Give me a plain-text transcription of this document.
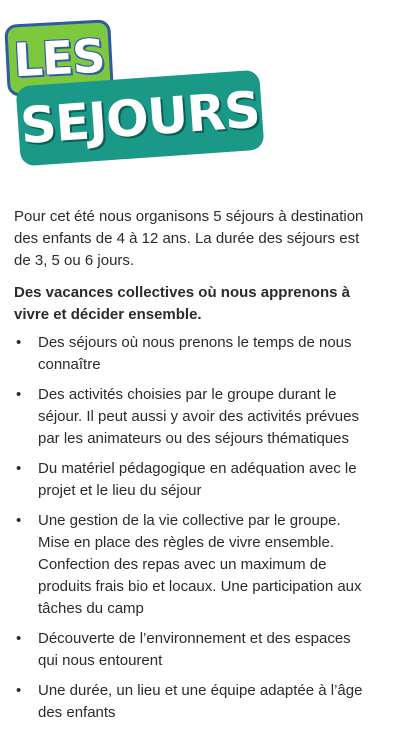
LES
SEJOURS

Pour cet été nous organisons 5 séjours à destination des enfants de 4 à 12 ans. La durée des séjours est de 3, 5 ou 6 jours.

Des vacances collectives où nous apprenons à vivre et décider ensemble.

• Des séjours où nous prenons le temps de nous connaître
• Des activités choisies par le groupe durant le séjour. Il peut aussi y avoir des activités prévues par les animateurs ou des séjours thématiques
• Du matériel pédagogique en adéquation avec le projet et le lieu du séjour
• Une gestion de la vie collective par le groupe. Mise en place des règles de vivre ensemble. Confection des repas avec un maximum de produits frais bio et locaux. Une participation aux tâches du camp
• Découverte de l’environnement et des espaces qui nous entourent
• Une durée, un lieu et une équipe adaptée à l’âge des enfants
